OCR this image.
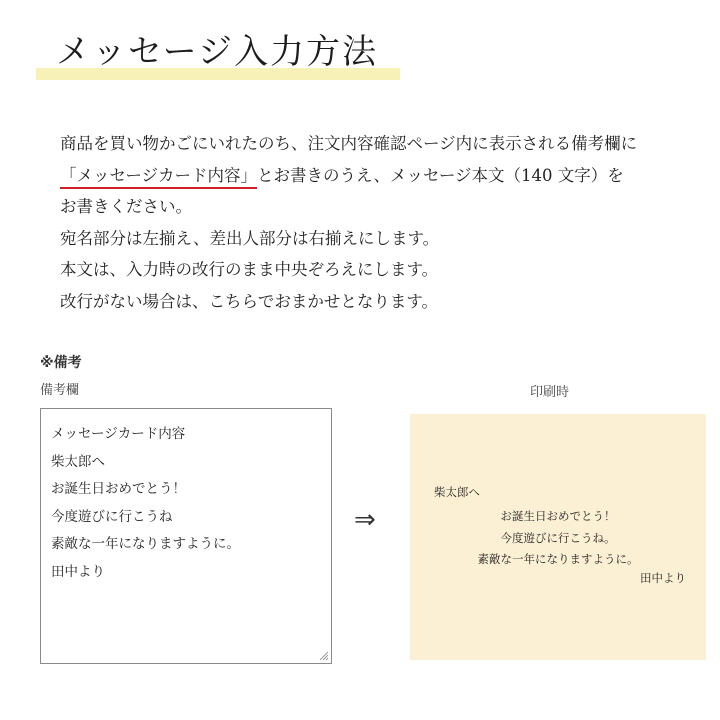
メッセージ入力方法
商品を買い物かごにいれたのち、注文内容確認ページ内に表示される備考欄に
「メッセージカード内容」とお書きのうえ、メッセージ本文（140 文字）を
お書きください。
宛名部分は左揃え、差出人部分は右揃えにします。
本文は、入力時の改行のまま中央ぞろえにします。
改行がない場合は、こちらでおまかせとなります。
※備考
備考欄
メッセージカード内容
柴太郎へ
お誕生日おめでとう！
今度遊びに行こうね
素敵な一年になりますように。
田中より
⇒
印刷時
柴太郎へ
お誕生日おめでとう！
今度遊びに行こうね。
素敵な一年になりますように。
田中より
